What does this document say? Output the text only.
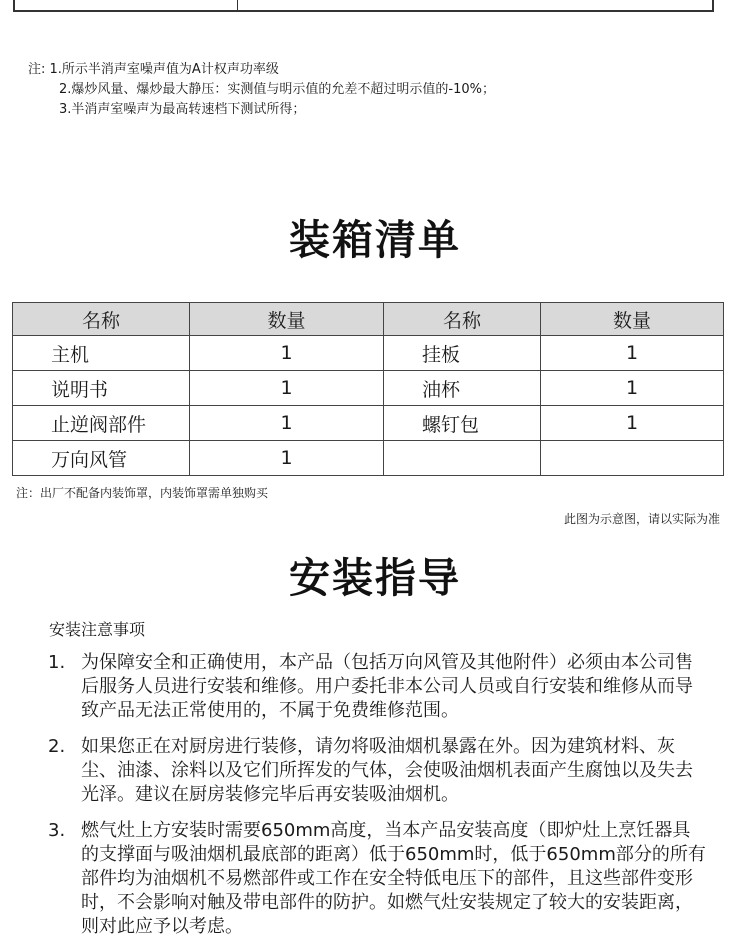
注: 1.所示半消声室噪声值为A计权声功率级
2.爆炒风量、爆炒最大静压：实测值与明示值的允差不超过明示值的-10%；
3.半消声室噪声为最高转速档下测试所得；
装箱清单
名称	数量	名称	数量
主机	1	挂板	1
说明书	1	油杯	1
止逆阀部件	1	螺钉包	1
万向风管	1		
注：出厂不配备内装饰罩，内装饰罩需单独购买
此图为示意图，请以实际为准
安装指导
安装注意事项
1. 为保障安全和正确使用，本产品（包括万向风管及其他附件）必须由本公司售后服务人员进行安装和维修。用户委托非本公司人员或自行安装和维修从而导致产品无法正常使用的，不属于免费维修范围。
2. 如果您正在对厨房进行装修，请勿将吸油烟机暴露在外。因为建筑材料、灰尘、油漆、涂料以及它们所挥发的气体，会使吸油烟机表面产生腐蚀以及失去光泽。建议在厨房装修完毕后再安装吸油烟机。
3. 燃气灶上方安装时需要650mm高度，当本产品安装高度（即炉灶上烹饪器具的支撑面与吸油烟机最底部的距离）低于650mm时，低于650mm部分的所有部件均为油烟机不易燃部件或工作在安全特低电压下的部件，且这些部件变形时，不会影响对触及带电部件的防护。如燃气灶安装规定了较大的安装距离，则对此应予以考虑。
